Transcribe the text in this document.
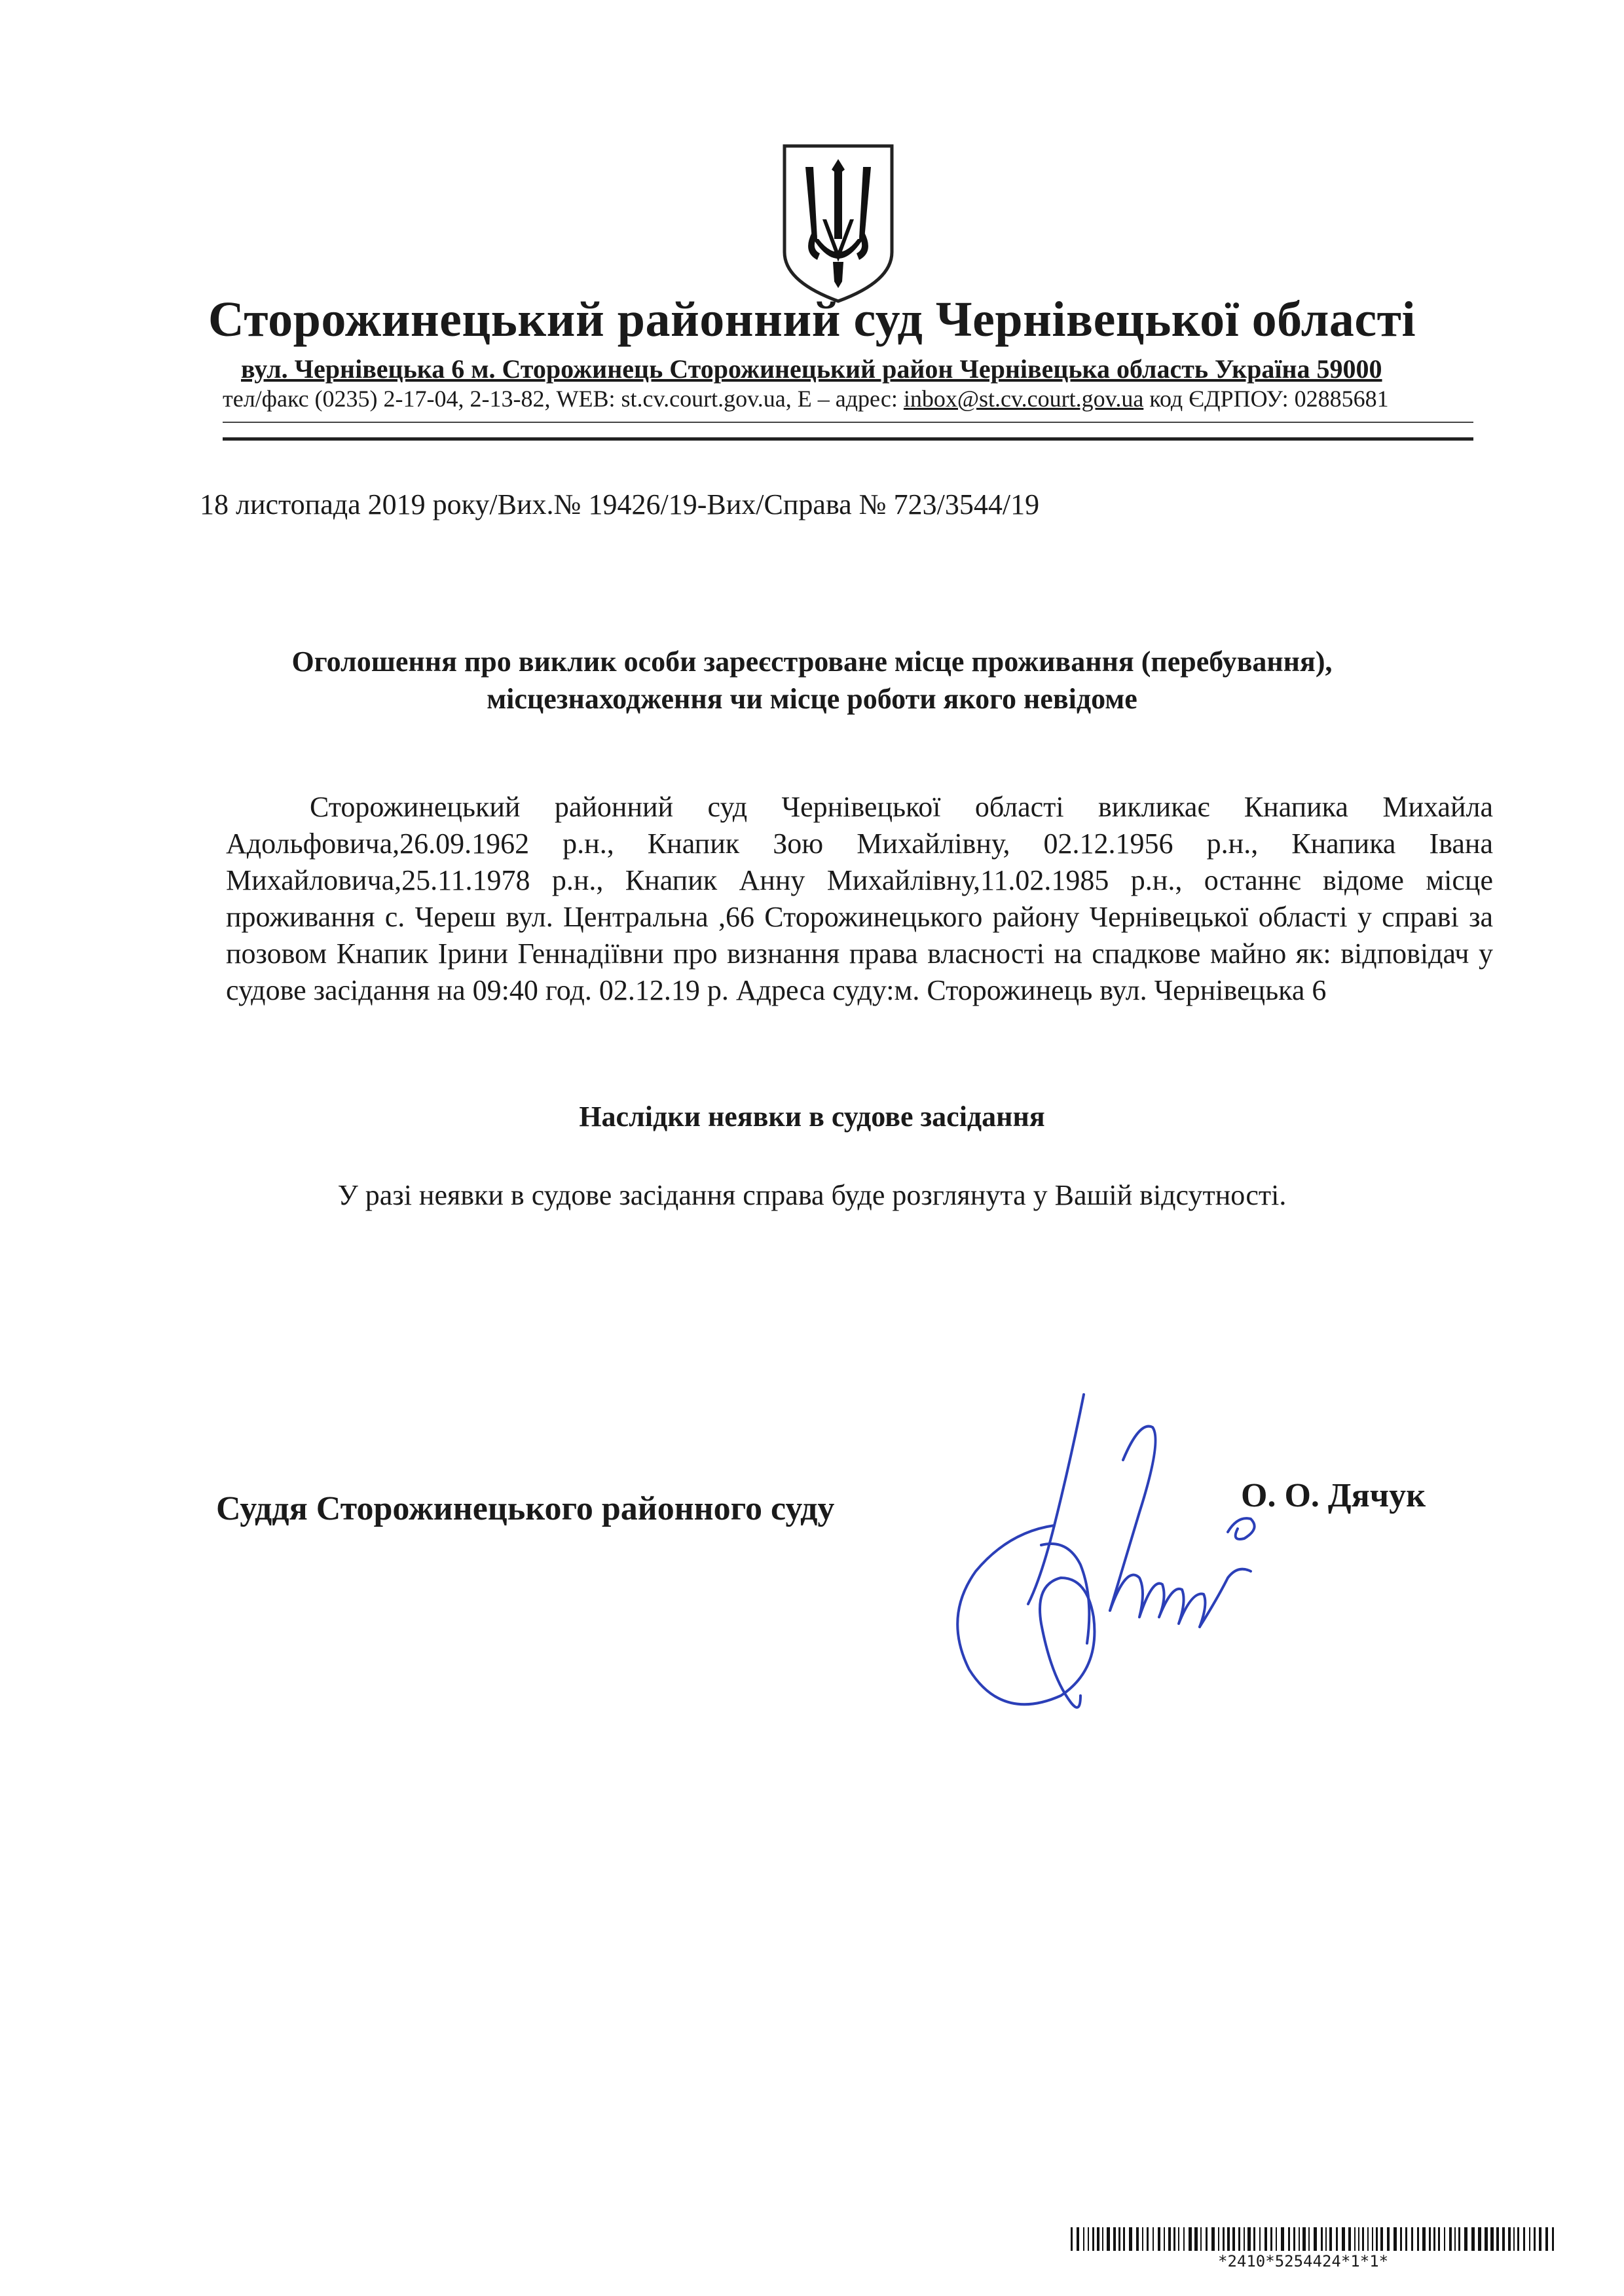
Сторожинецький районний суд Чернівецької області
вул. Чернівецька 6 м. Сторожинець Сторожинецький район Чернівецька область Україна 59000
тел/факс (0235) 2-17-04, 2-13-82, WEB: st.cv.court.gov.ua, Е – адрес: inbox@st.cv.court.gov.ua код ЄДРПОУ: 02885681
18 листопада 2019 року/Вих.№ 19426/19-Вих/Справа № 723/3544/19
Оголошення про виклик особи зареєстроване місце проживання (перебування),
місцезнаходження чи місце роботи якого невідоме
Сторожинецький районний суд Чернівецької області викликає Кнапика Михайла Адольфовича,26.09.1962 р.н., Кнапик Зою Михайлівну, 02.12.1956 р.н., Кнапика Івана Михайловича,25.11.1978 р.н., Кнапик Анну Михайлівну,11.02.1985 р.н., останнє відоме місце проживання с. Череш вул. Центральна ,66 Сторожинецького району Чернівецької області у справі за позовом Кнапик Ірини Геннадіївни про визнання права власності на спадкове майно як: відповідач у судове засідання на 09:40 год. 02.12.19 р. Адреса суду:м. Сторожинець вул. Чернівецька 6
Наслідки неявки в судове засідання
У разі неявки в судове засідання справа буде розглянута у Вашій відсутності.
Суддя Сторожинецького районного суду	О. О. Дячук
*2410*5254424*1*1*
